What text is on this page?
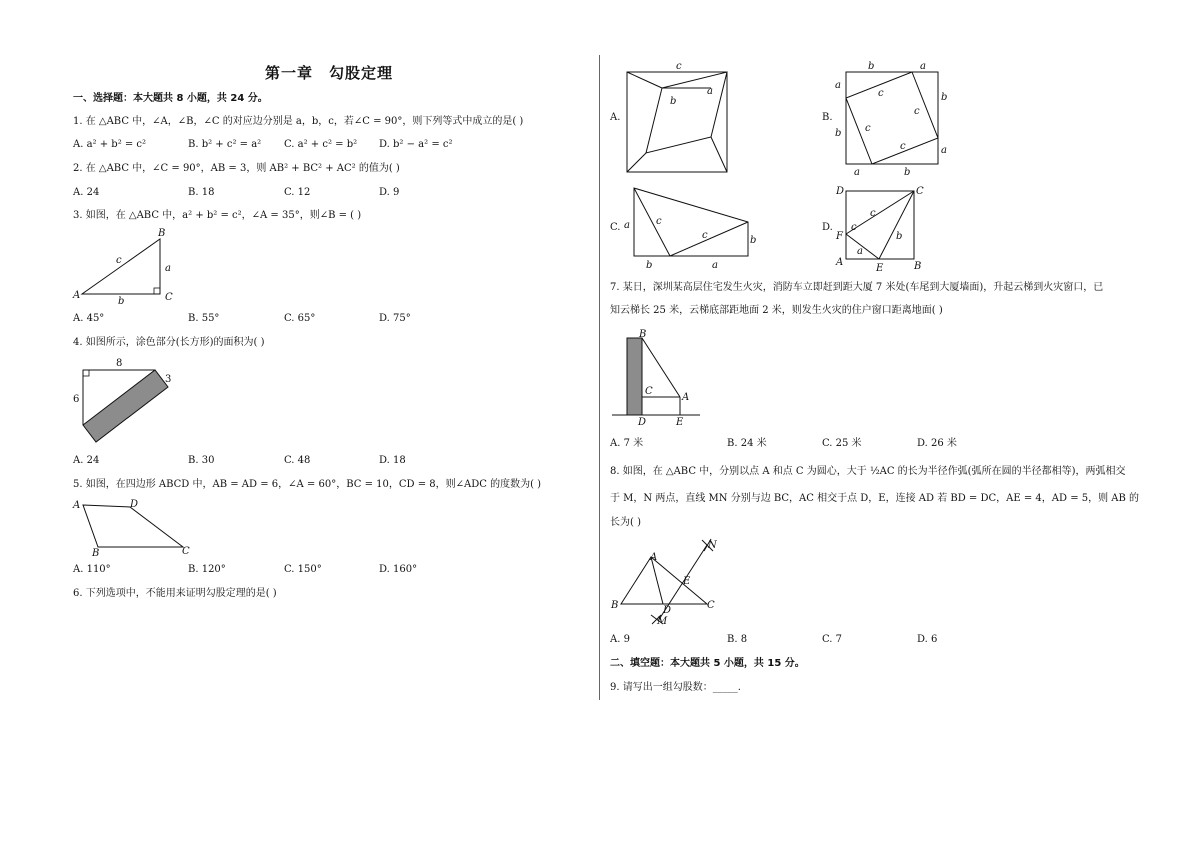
第一章　勾股定理
一、选择题：本大题共 8 小题，共 24 分。
1. 在 △ABC 中，∠A，∠B，∠C 的对应边分别是 a，b，c，若∠C = 90°，则下列等式中成立的是( )
A. a² + b² = c²	B. b² + c² = a² C. a² + c² = b² D. b² − a² = c²
2. 在 △ABC 中，∠C = 90°，AB = 3，则 AB² + BC² + AC² 的值为( )
A. 24	B. 18	C. 12	D. 9
3. 如图，在 △ABC 中，a² + b² = c²，∠A = 35°，则∠B = ( )
A
B
C
a
b
c
A. 45°	B. 55°	C. 65°	D. 75°
4. 如图所示，涂色部分(长方形)的面积为( )
8
6
3
A. 24	B. 30	C. 48	D. 18
5. 如图，在四边形 ABCD 中，AB = AD = 6，∠A = 60°，BC = 10，CD = 8，则∠ADC 的度数为( )
A
B	C
D
A. 110°	B. 120°	C. 150°	D. 160°
6. 下列选项中，不能用来证明勾股定理的是( )
A.
c
a
b
B.
b	a
a
b
b
a
a	b
c
c
c
c
C. a	c
c	b
b	a
D.
D	C
F
A
E	B
c
a
b
c
7. 某日，深圳某高层住宅发生火灾，消防车立即赶到距大厦 7 米处(车尾到大厦墙面)，升起云梯到火灾窗口，已
知云梯长 25 米，云梯底部距地面 2 米，则发生火灾的住户窗口距离地面( )
B
C
A
D	E
A. 7 米	B. 24 米	C. 25 米	D. 26 米
8. 如图，在 △ABC 中，分别以点 A 和点 C 为圆心，大于 ½AC 的长为半径作弧(弧所在圆的半径都相等)，两弧相交
于 M，N 两点，直线 MN 分别与边 BC，AC 相交于点 D，E，连接 AD 若 BD = DC，AE = 4，AD = 5，则 AB 的
长为( )
A
B	C
D
E
M
N
A. 9	B. 8	C. 7	D. 6
二、填空题：本大题共 5 小题，共 15 分。
9. 请写出一组勾股数：_____.
